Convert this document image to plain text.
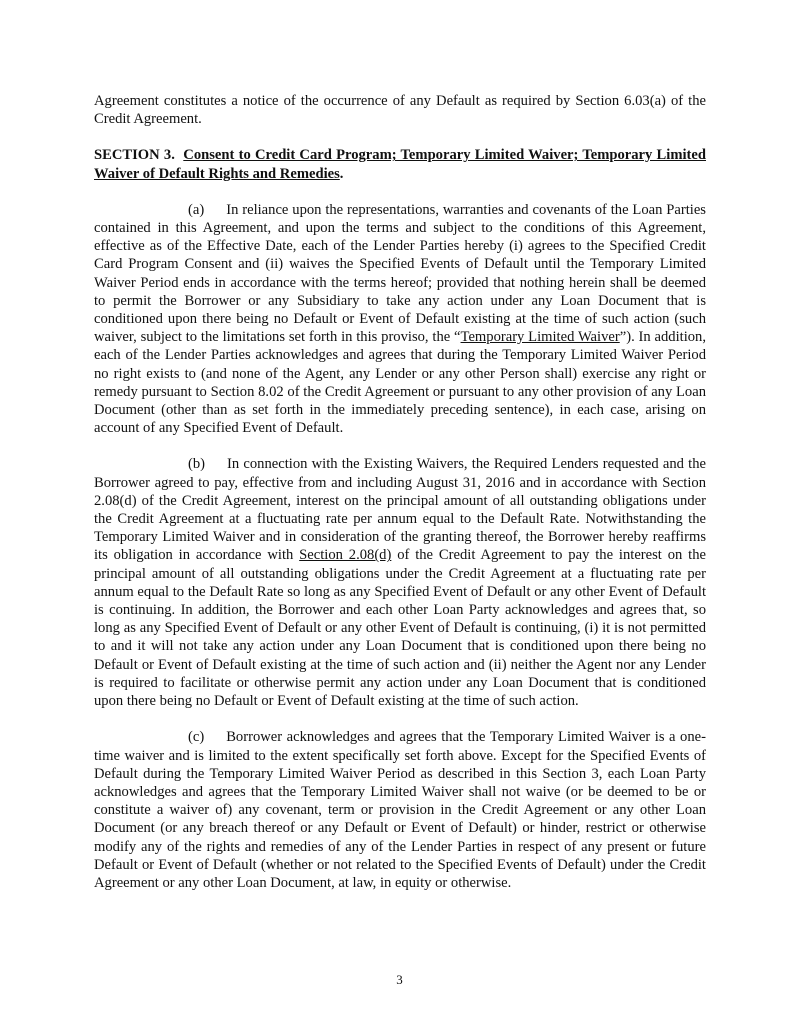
Agreement constitutes a notice of the occurrence of any Default as required by Section 6.03(a) of the Credit Agreement.

SECTION 3. Consent to Credit Card Program; Temporary Limited Waiver; Temporary Limited Waiver of Default Rights and Remedies.

(a) In reliance upon the representations, warranties and covenants of the Loan Parties contained in this Agreement, and upon the terms and subject to the conditions of this Agreement, effective as of the Effective Date, each of the Lender Parties hereby (i) agrees to the Specified Credit Card Program Consent and (ii) waives the Specified Events of Default until the Temporary Limited Waiver Period ends in accordance with the terms hereof; provided that nothing herein shall be deemed to permit the Borrower or any Subsidiary to take any action under any Loan Document that is conditioned upon there being no Default or Event of Default existing at the time of such action (such waiver, subject to the limitations set forth in this proviso, the “Temporary Limited Waiver”). In addition, each of the Lender Parties acknowledges and agrees that during the Temporary Limited Waiver Period no right exists to (and none of the Agent, any Lender or any other Person shall) exercise any right or remedy pursuant to Section 8.02 of the Credit Agreement or pursuant to any other provision of any Loan Document (other than as set forth in the immediately preceding sentence), in each case, arising on account of any Specified Event of Default.

(b) In connection with the Existing Waivers, the Required Lenders requested and the Borrower agreed to pay, effective from and including August 31, 2016 and in accordance with Section 2.08(d) of the Credit Agreement, interest on the principal amount of all outstanding obligations under the Credit Agreement at a fluctuating rate per annum equal to the Default Rate. Notwithstanding the Temporary Limited Waiver and in consideration of the granting thereof, the Borrower hereby reaffirms its obligation in accordance with Section 2.08(d) of the Credit Agreement to pay the interest on the principal amount of all outstanding obligations under the Credit Agreement at a fluctuating rate per annum equal to the Default Rate so long as any Specified Event of Default or any other Event of Default is continuing. In addition, the Borrower and each other Loan Party acknowledges and agrees that, so long as any Specified Event of Default or any other Event of Default is continuing, (i) it is not permitted to and it will not take any action under any Loan Document that is conditioned upon there being no Default or Event of Default existing at the time of such action and (ii) neither the Agent nor any Lender is required to facilitate or otherwise permit any action under any Loan Document that is conditioned upon there being no Default or Event of Default existing at the time of such action.

(c) Borrower acknowledges and agrees that the Temporary Limited Waiver is a one-time waiver and is limited to the extent specifically set forth above. Except for the Specified Events of Default during the Temporary Limited Waiver Period as described in this Section 3, each Loan Party acknowledges and agrees that the Temporary Limited Waiver shall not waive (or be deemed to be or constitute a waiver of) any covenant, term or provision in the Credit Agreement or any other Loan Document (or any breach thereof or any Default or Event of Default) or hinder, restrict or otherwise modify any of the rights and remedies of any of the Lender Parties in respect of any present or future Default or Event of Default (whether or not related to the Specified Events of Default) under the Credit Agreement or any other Loan Document, at law, in equity or otherwise.

3
